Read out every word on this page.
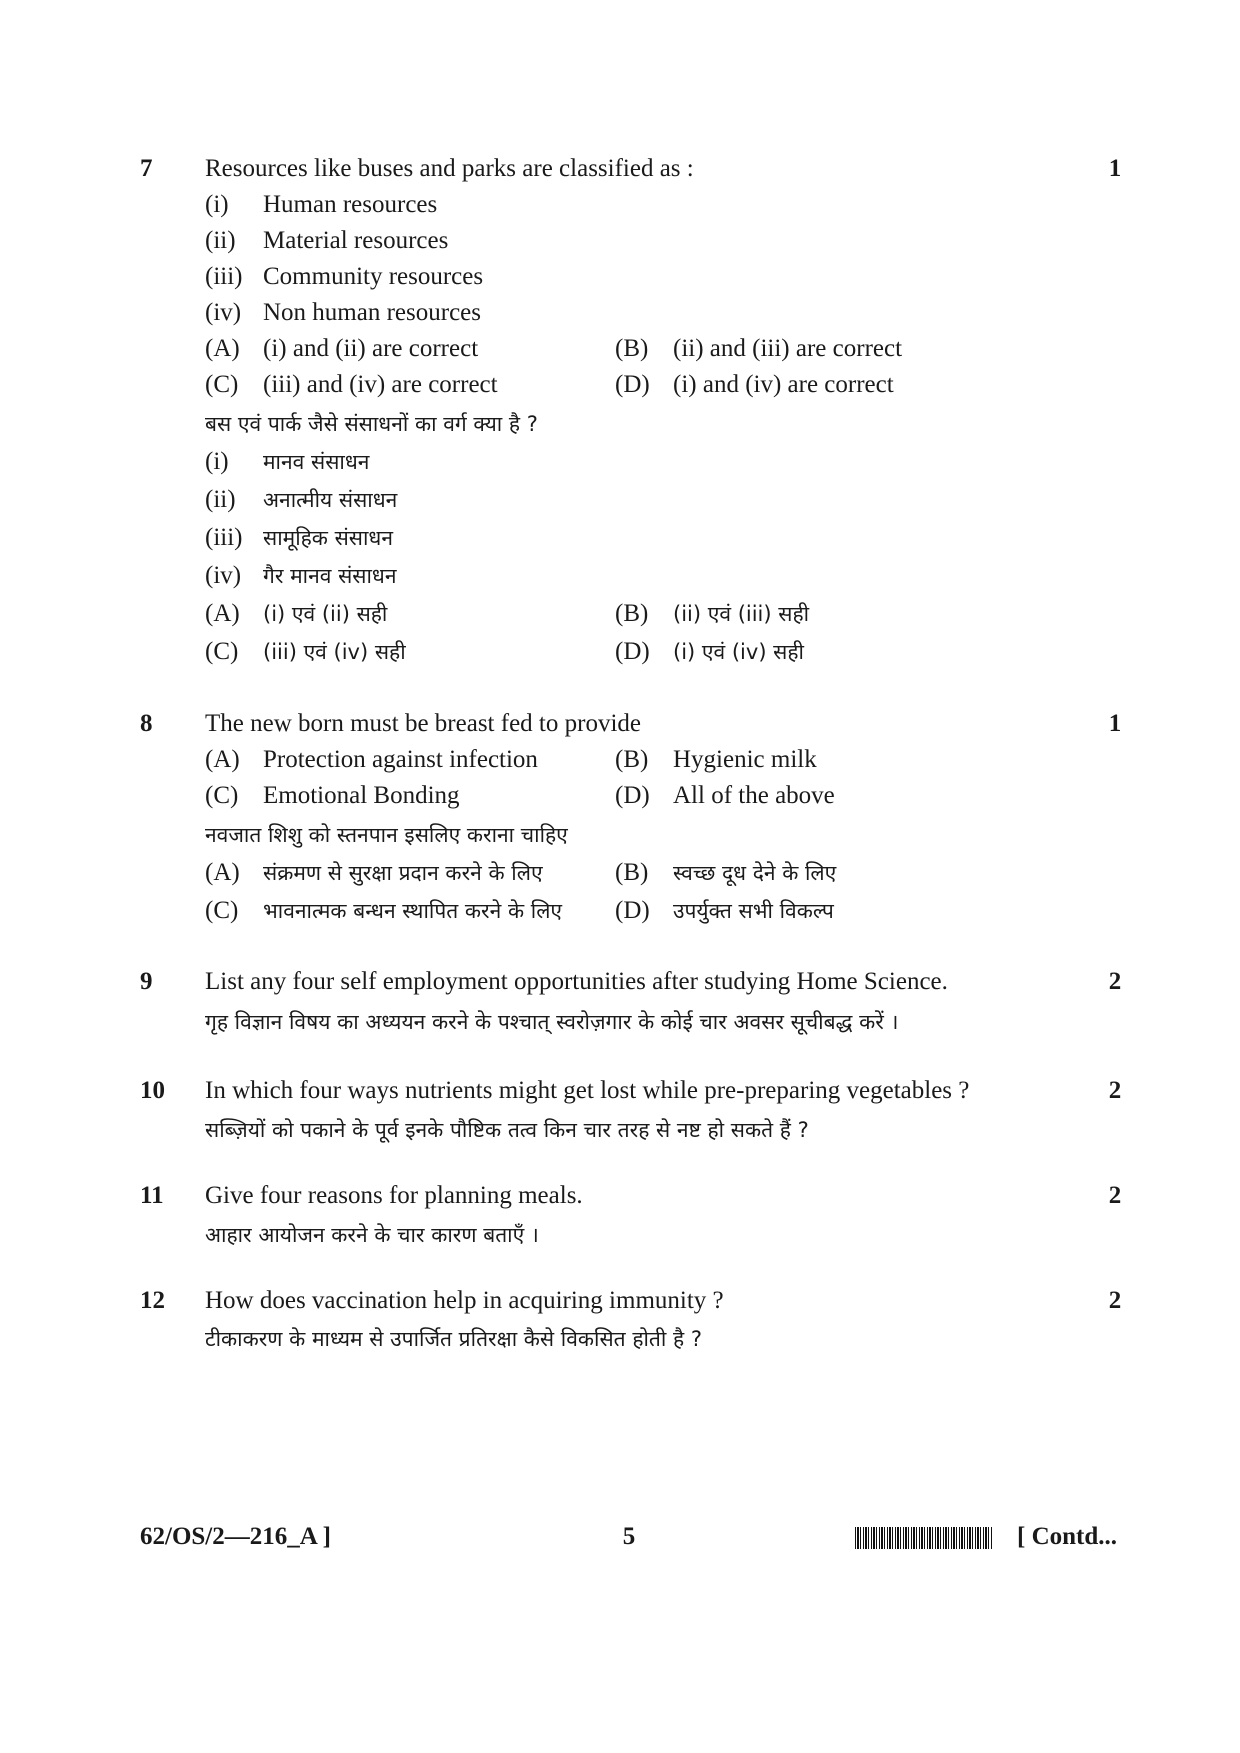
7	1
Resources like buses and parks are classified as :
(i) Human resources
(ii) Material resources
(iii) Community resources
(iv) Non human resources
(A) (i) and (ii) are correct	(B) (ii) and (iii) are correct
(C) (iii) and (iv) are correct	(D) (i) and (iv) are correct
बस एवं पार्क जैसे संसाधनों का वर्ग क्या है ?
(i) मानव संसाधन
(ii) अनात्मीय संसाधन
(iii) सामूहिक संसाधन
(iv) गैर मानव संसाधन
(A) (i) एवं (ii) सही	(B) (ii) एवं (iii) सही
(C) (iii) एवं (iv) सही	(D) (i) एवं (iv) सही
8	1
The new born must be breast fed to provide
(A) Protection against infection	(B) Hygienic milk
(C) Emotional Bonding	(D) All of the above
नवजात शिशु को स्तनपान इसलिए कराना चाहिए
(A) संक्रमण से सुरक्षा प्रदान करने के लिए	(B) स्वच्छ दूध देने के लिए
(C) भावनात्मक बन्धन स्थापित करने के लिए (D) उपर्युक्त सभी विकल्प
9	2
List any four self employment opportunities after studying Home Science.
गृह विज्ञान विषय का अध्ययन करने के पश्चात् स्वरोज़गार के कोई चार अवसर सूचीबद्ध करें ।
10	2
In which four ways nutrients might get lost while pre-preparing vegetables ?
सब्ज़ियों को पकाने के पूर्व इनके पौष्टिक तत्व किन चार तरह से नष्ट हो सकते हैं ?
11	2
Give four reasons for planning meals.
आहार आयोजन करने के चार कारण बताएँ ।
12	2
How does vaccination help in acquiring immunity ?
टीकाकरण के माध्यम से उपार्जित प्रतिरक्षा कैसे विकसित होती है ?
62/OS/2—216_A ]	5	[ Contd...
